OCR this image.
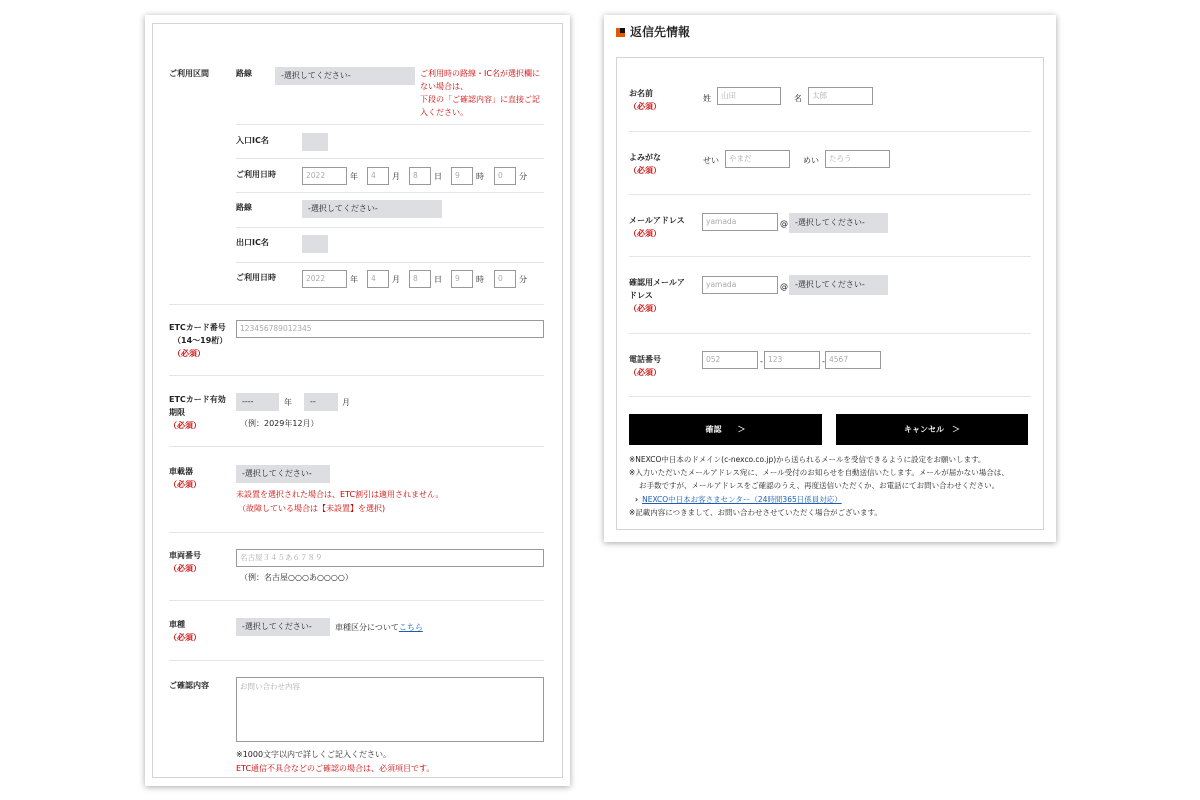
ご利用区間	路線	-選択してください-	ご利用時の路線・IC名が選択欄に
ない場合は、
下段の「ご確認内容」に直接ご記
入ください。
入口IC名
ご利用日時	2022	年	4	月	8	日	9	時	0	分
路線	-選択してください-
出口IC名
ご利用日時	2022	年	4	月	8	日	9	時	0	分
ETCカード番号
（14〜19桁）
（必須）
123456789012345
ETCカード有効
期限
（必須）
----	年	--	月
（例：2029年12月）
車載器
（必須）
-選択してください-
未設置を選択された場合は、ETC割引は適用されません。
（故障している場合は【未設置】を選択)
車両番号
（必須）
名古屋３４５あ６７８９
（例：名古屋○○○あ○○○○）
車種
（必須）
-選択してください-	車種区分についてこちら
ご確認内容	お問い合わせ内容
※1000文字以内で詳しくご記入ください。
ETC通信不具合などのご確認の場合は、必須項目です。
返信先情報
お名前
（必須）
姓	山田	名	太郎
よみがな
（必須）
せい	やまだ	めい	たろう
メールアドレス
（必須）
yamada	@ -選択してください-
確認用メールア
ドレス
（必須）
yamada	@ -選択してください-
電話番号
（必須）
052	- 123	- 4567
確認　　＞	キャンセル　＞
※NEXCO中日本のドメイン(c-nexco.co.jp)から送られるメールを受信できるように設定をお願いします。
※入力いただいたメールアドレス宛に、メール受付のお知らせを自動送信いたします。メールが届かない場合は、
お手数ですが、メールアドレスをご確認のうえ、再度送信いただくか、お電話にてお問い合わせください。
› NEXCO中日本お客さまセンター（24時間365日係員対応）
※記載内容につきまして、お問い合わせさせていただく場合がございます。
